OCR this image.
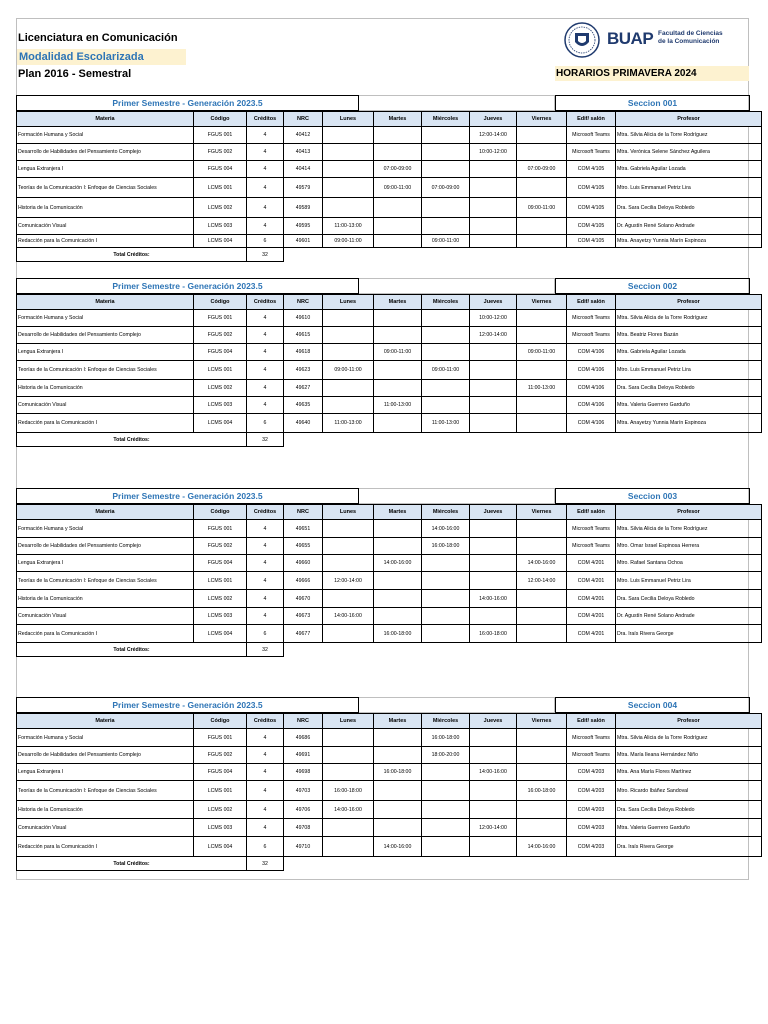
Licenciatura en Comunicación
Modalidad Escolarizada
Plan 2016 - Semestral	HORARIOS PRIMAVERA 2024
BUAP Facultad de Ciencias
de la Comunicación
Primer Semestre - Generación 2023.5	Seccion 001
Materia	Código	Créditos	NRC	Lunes	Martes	Miércoles	Jueves	Viernes	Edif/ salón	Profesor
Formación Humana y Social	FGUS 001	4	40412				12:00-14:00		Microsoft Teams	Mtra. Silvia Alicia de la Torre Rodríguez
Desarrollo de Habilidades del Pensamiento Complejo	FGUS 002	4	40413				10:00-12:00		Microsoft Teams	Mtra. Verónica Selene Sánchez Aguilera
Lengua Extranjera I	FGUS 004	4	40414		07:00-09:00			07:00-09:00	COM 4/105	Mtra. Gabriela Aguilar Lozada
Teorías de la Comunicación I: Enfoque de Ciencias Sociales	LCMS 001	4	49579		09:00-11:00	07:00-09:00			COM 4/105	Mtro. Luis Emmanuel Petriz Lira
Historia de la Comunicación	LCMS 002	4	49589					09:00-11:00	COM 4/105	Dra. Sara Cecilia Deloya Robledo
Comunicación Visual	LCMS 003	4	49595	11:00-13:00					COM 4/105	Dr. Agustín René Solano Andrade
Redacción para la Comunicación I	LCMS 004	6	49601	09:00-11:00		09:00-11:00			COM 4/105	Mtra. Anayetzy Yunnia Marín Espinoza
Total Créditos:		32								
Primer Semestre - Generación 2023.5	Seccion 002
Materia	Código	Créditos	NRC	Lunes	Martes	Miércoles	Jueves	Viernes	Edif/ salón	Profesor
Formación Humana y Social	FGUS 001	4	49610				10:00-12:00		Microsoft Teams	Mtra. Silvia Alicia de la Torre Rodríguez
Desarrollo de Habilidades del Pensamiento Complejo	FGUS 002	4	49615				12:00-14:00		Microsoft Teams	Mtra. Beatriz Flores Bazán
Lengua Extranjera I	FGUS 004	4	49618		09:00-11:00			09:00-11:00	COM 4/106	Mtra. Gabriela Aguilar Lozada
Teorías de la Comunicación I: Enfoque de Ciencias Sociales	LCMS 001	4	49623	09:00-11:00		09:00-11:00			COM 4/106	Mtro. Luis Emmanuel Petriz Lira
Historia de la Comunicación	LCMS 002	4	49627					11:00-13:00	COM 4/106	Dra. Sara Cecilia Deloya Robledo
Comunicación Visual	LCMS 003	4	49635		11:00-13:00				COM 4/106	Mtra. Valeria Guerrero Garduño
Redacción para la Comunicación I	LCMS 004	6	49640	11:00-13:00		11:00-13:00			COM 4/106	Mtra. Anayetzy Yunnia Marín Espinoza
Total Créditos:		32								
Primer Semestre - Generación 2023.5	Seccion 003
Materia	Código	Créditos	NRC	Lunes	Martes	Miércoles	Jueves	Viernes	Edif/ salón	Profesor
Formación Humana y Social	FGUS 001	4	49651			14:00-16:00			Microsoft Teams	Mtra. Silvia Alicia de la Torre Rodríguez
Desarrollo de Habilidades del Pensamiento Complejo	FGUS 002	4	49655			16:00-18:00			Microsoft Teams	Mtro. Omar Israel Espinosa Herrera
Lengua Extranjera I	FGUS 004	4	49660		14:00-16:00			14:00-16:00	COM 4/201	Mtro. Rafael Santana Ochoa
Teorías de la Comunicación I: Enfoque de Ciencias Sociales	LCMS 001	4	49666	12:00-14:00				12:00-14:00	COM 4/201	Mtro. Luis Emmanuel Petriz Lira
Historia de la Comunicación	LCMS 002	4	49670				14:00-16:00		COM 4/201	Dra. Sara Cecilia Deloya Robledo
Comunicación Visual	LCMS 003	4	49673	14:00-16:00					COM 4/201	Dr. Agustín René Solano Andrade
Redacción para la Comunicación I	LCMS 004	6	49677		16:00-18:00		16:00-18:00		COM 4/201	Dra. Iraís Rivera George
Total Créditos:		32								
Primer Semestre - Generación 2023.5	Seccion 004
Materia	Código	Créditos	NRC	Lunes	Martes	Miércoles	Jueves	Viernes	Edif/ salón	Profesor
Formación Humana y Social	FGUS 001	4	49686			16:00-18:00			Microsoft Teams	Mtra. Silvia Alicia de la Torre Rodríguez
Desarrollo de Habilidades del Pensamiento Complejo	FGUS 002	4	49691			18:00-20:00			Microsoft Teams	Mtra. María Ileana Hernández Niño
Lengua Extranjera I	FGUS 004	4	49698		16:00-18:00		14:00-16:00		COM 4/203	Mtra. Ana María Flores Martínez
Teorías de la Comunicación I: Enfoque de Ciencias Sociales	LCMS 001	4	49703	16:00-18:00				16:00-18:00	COM 4/203	Mtro. Ricardo Ibáñez Sandoval
Historia de la Comunicación	LCMS 002	4	49706	14:00-16:00					COM 4/203	Dra. Sara Cecilia Deloya Robledo
Comunicación Visual	LCMS 003	4	49708				12:00-14:00		COM 4/203	Mtra. Valeria Guerrero Garduño
Redacción para la Comunicación I	LCMS 004	6	49710		14:00-16:00			14:00-16:00	COM 4/203	Dra. Iraís Rivera George
Total Créditos:		32								
